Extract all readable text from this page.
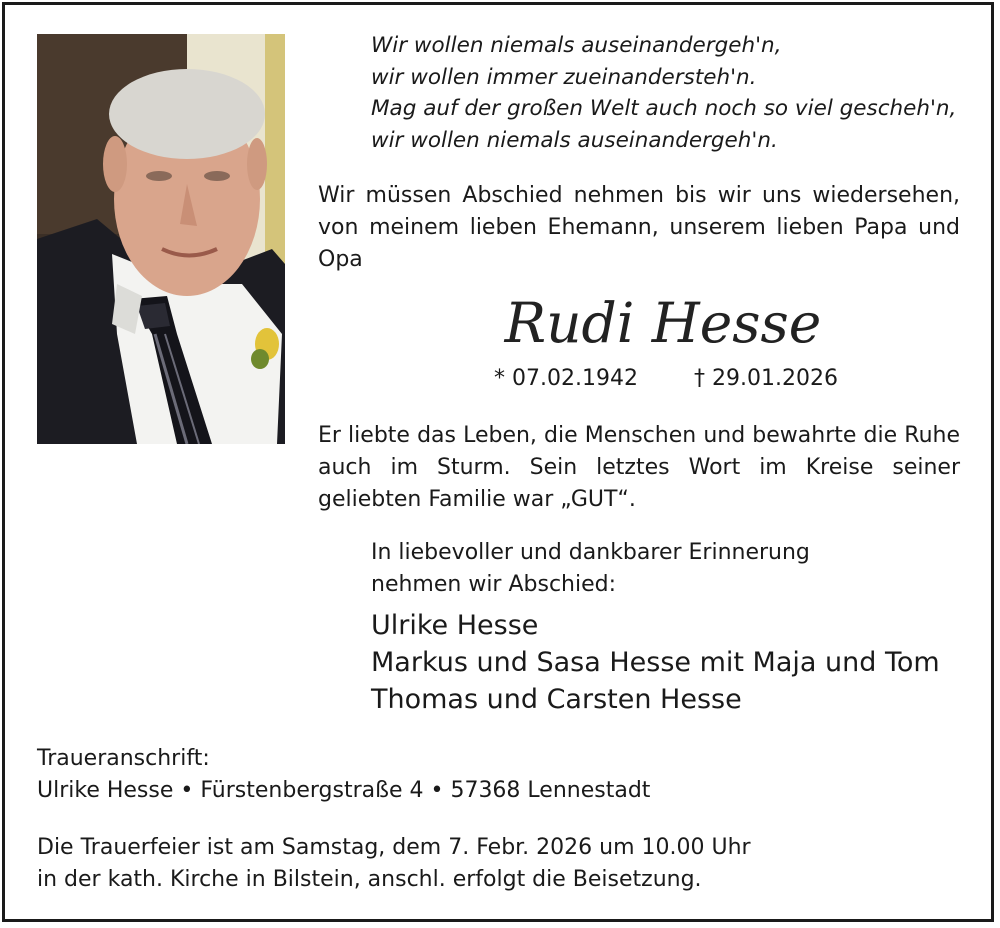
Wir wollen niemals auseinandergeh'n,
wir wollen immer zueinandersteh'n.
Mag auf der großen Welt auch noch so viel gescheh'n,
wir wollen niemals auseinandergeh'n.
Wir müssen Abschied nehmen bis wir uns wiedersehen, von meinem lieben Ehemann, unserem lieben Papa und Opa
Rudi Hesse
* 07.02.1942	† 29.01.2026
Er liebte das Leben, die Menschen und bewahrte die Ruhe auch im Sturm. Sein letztes Wort im Kreise seiner geliebten Familie war „GUT“.
In liebevoller und dankbarer Erinnerung
nehmen wir Abschied:
Ulrike Hesse
Markus und Sasa Hesse mit Maja und Tom
Thomas und Carsten Hesse
Traueranschrift:
Ulrike Hesse • Fürstenbergstraße 4 • 57368 Lennestadt
Die Trauerfeier ist am Samstag, dem 7. Febr. 2026 um 10.00 Uhr
in der kath. Kirche in Bilstein, anschl. erfolgt die Beisetzung.
